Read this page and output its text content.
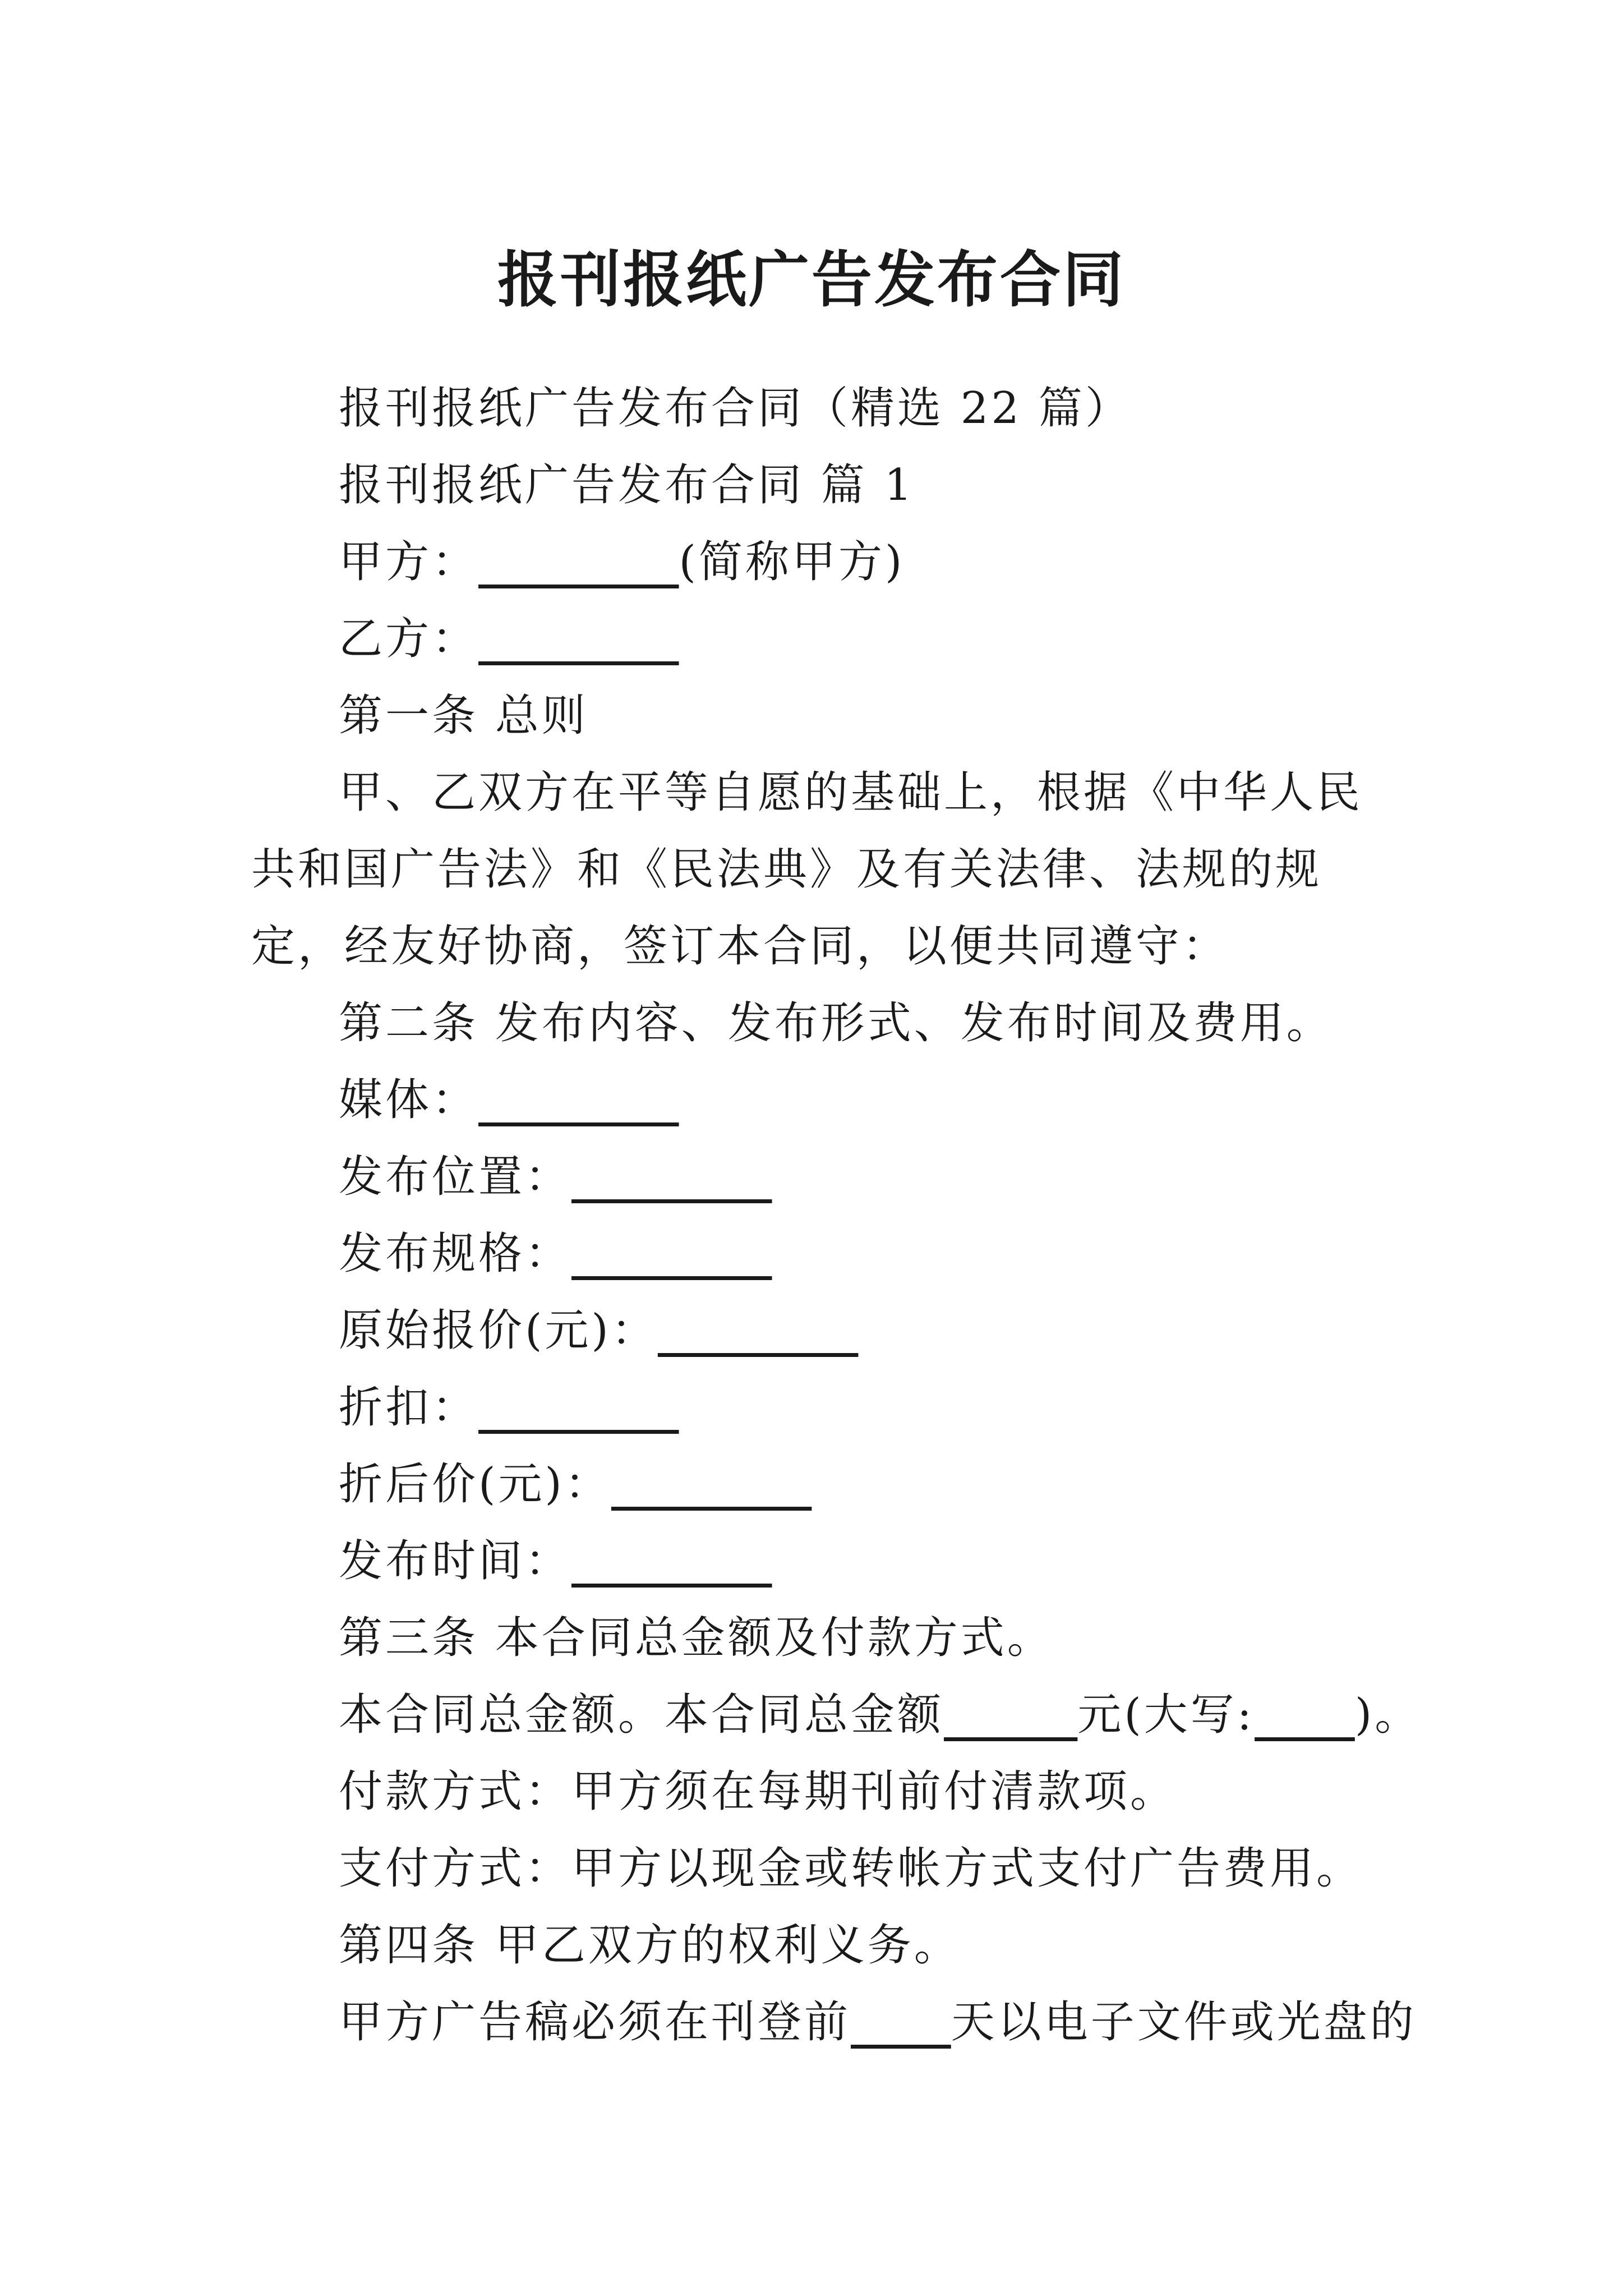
报刊报纸广告发布合同

报刊报纸广告发布合同（精选 22 篇）

报刊报纸广告发布合同 篇 1

甲方：	(简称甲方)

乙方：

第一条 总则

甲、乙双方在平等自愿的基础上，根据《中华人民共和国广告法》和《民法典》及有关法律、法规的规定，经友好协商，签订本合同，以便共同遵守：

第二条 发布内容、发布形式、发布时间及费用。

媒体：

发布位置：

发布规格：

原始报价(元)：

折扣：

折后价(元)：

发布时间：

第三条 本合同总金额及付款方式。

本合同总金额。本合同总金额	元(大写: )。

付款方式：甲方须在每期刊前付清款项。

支付方式：甲方以现金或转帐方式支付广告费用。

第四条 甲乙双方的权利义务。

甲方广告稿必须在刊登前 天以电子文件或光盘的
